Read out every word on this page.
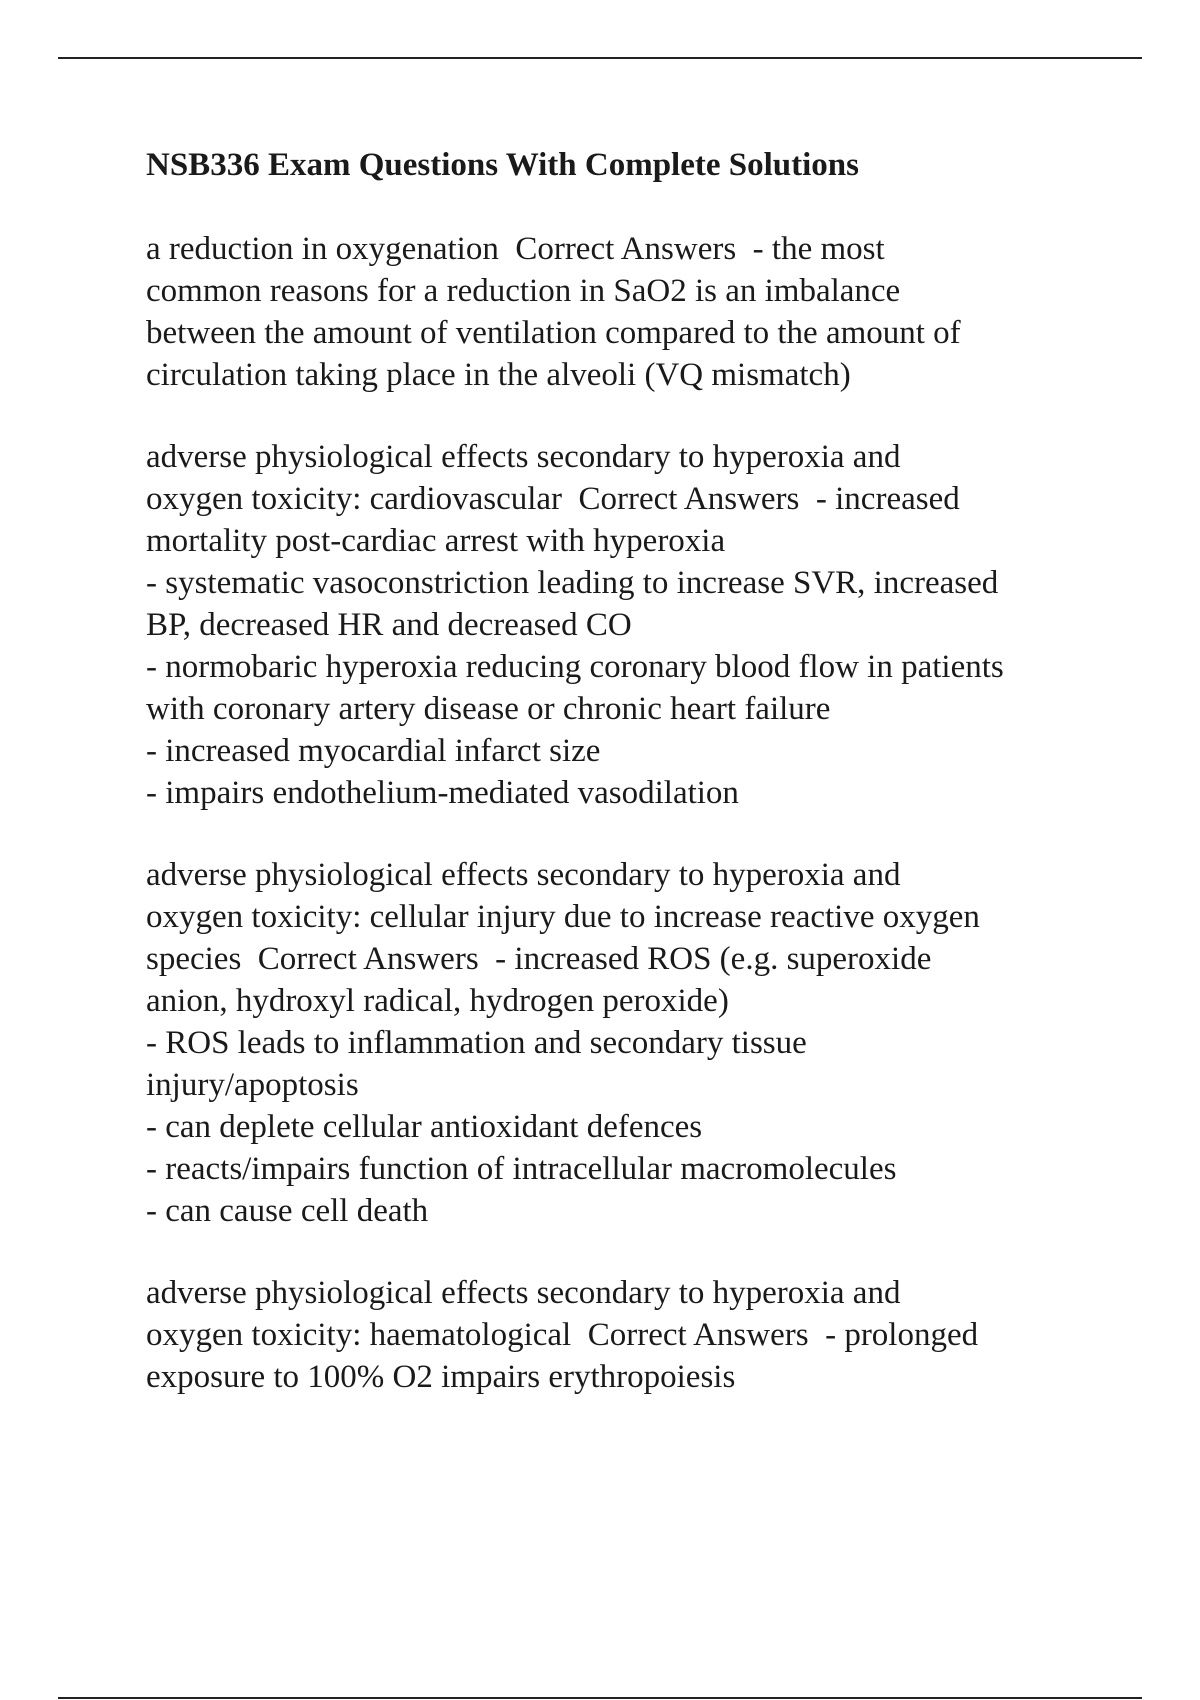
NSB336 Exam Questions With Complete Solutions
a reduction in oxygenation  Correct Answers  - the most
common reasons for a reduction in SaO2 is an imbalance
between the amount of ventilation compared to the amount of
circulation taking place in the alveoli (VQ mismatch)
adverse physiological effects secondary to hyperoxia and
oxygen toxicity: cardiovascular  Correct Answers  - increased
mortality post-cardiac arrest with hyperoxia
- systematic vasoconstriction leading to increase SVR, increased
BP, decreased HR and decreased CO
- normobaric hyperoxia reducing coronary blood flow in patients
with coronary artery disease or chronic heart failure
- increased myocardial infarct size
- impairs endothelium-mediated vasodilation
adverse physiological effects secondary to hyperoxia and
oxygen toxicity: cellular injury due to increase reactive oxygen
species  Correct Answers  - increased ROS (e.g. superoxide
anion, hydroxyl radical, hydrogen peroxide)
- ROS leads to inflammation and secondary tissue
injury/apoptosis
- can deplete cellular antioxidant defences
- reacts/impairs function of intracellular macromolecules
- can cause cell death
adverse physiological effects secondary to hyperoxia and
oxygen toxicity: haematological  Correct Answers  - prolonged
exposure to 100% O2 impairs erythropoiesis
